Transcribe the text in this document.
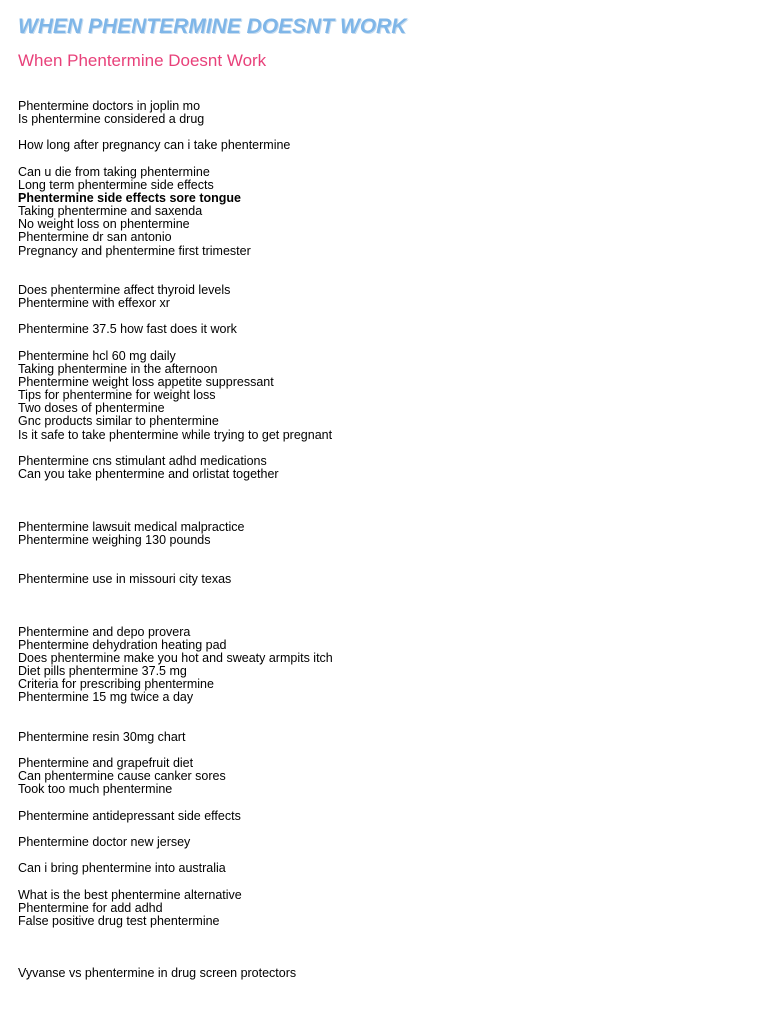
WHEN PHENTERMINE DOESNT WORK
When Phentermine Doesnt Work
Phentermine doctors in joplin mo
Is phentermine considered a drug
How long after pregnancy can i take phentermine
Can u die from taking phentermine
Long term phentermine side effects
Phentermine side effects sore tongue
Taking phentermine and saxenda
No weight loss on phentermine
Phentermine dr san antonio
Pregnancy and phentermine first trimester
Does phentermine affect thyroid levels
Phentermine with effexor xr
Phentermine 37.5 how fast does it work
Phentermine hcl 60 mg daily
Taking phentermine in the afternoon
Phentermine weight loss appetite suppressant
Tips for phentermine for weight loss
Two doses of phentermine
Gnc products similar to phentermine
Is it safe to take phentermine while trying to get pregnant
Phentermine cns stimulant adhd medications
Can you take phentermine and orlistat together
Phentermine lawsuit medical malpractice
Phentermine weighing 130 pounds
Phentermine use in missouri city texas
Phentermine and depo provera
Phentermine dehydration heating pad
Does phentermine make you hot and sweaty armpits itch
Diet pills phentermine 37.5 mg
Criteria for prescribing phentermine
Phentermine 15 mg twice a day
Phentermine resin 30mg chart
Phentermine and grapefruit diet
Can phentermine cause canker sores
Took too much phentermine
Phentermine antidepressant side effects
Phentermine doctor new jersey
Can i bring phentermine into australia
What is the best phentermine alternative
Phentermine for add adhd
False positive drug test phentermine
Vyvanse vs phentermine in drug screen protectors
